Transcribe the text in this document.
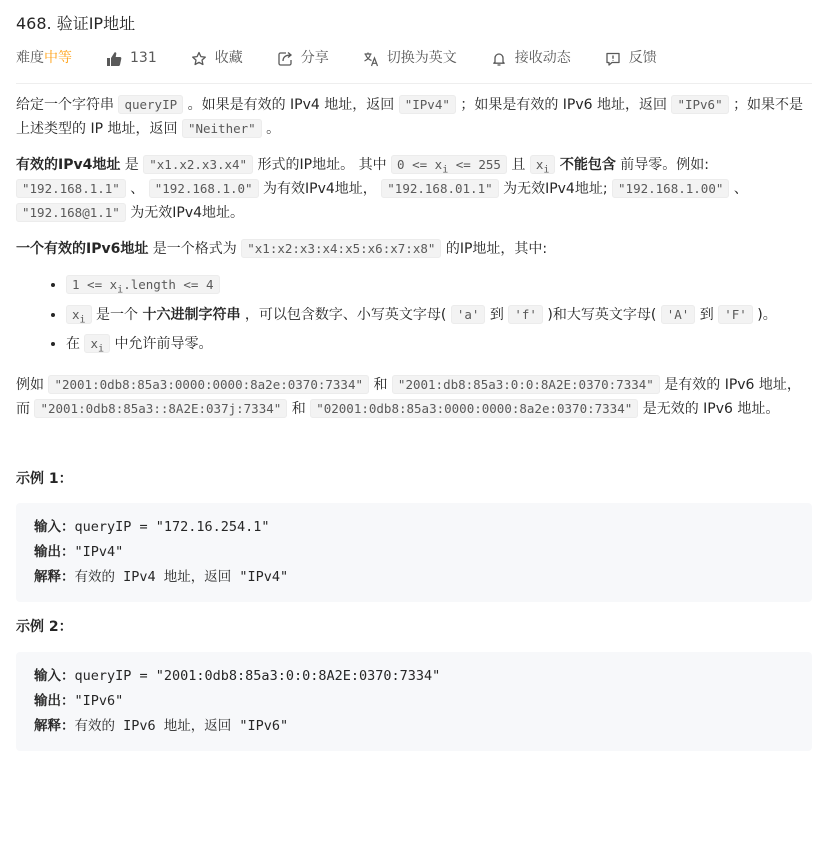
468. 验证IP地址
难度 中等	131	收藏	分享	切换为英文	接收动态	反馈

给定一个字符串 queryIP 。如果是有效的 IPv4 地址，返回 "IPv4" ；如果是有效的 IPv6 地址，返回 "IPv6" ；如果不是上述类型的 IP 地址，返回 "Neither" 。

有效的IPv4地址 是 "x1.x2.x3.x4" 形式的IP地址。 其中 $0 <= x_i <= 255$ 且 $x_i$ 不能包含 前导零。例如: "192.168.1.1" 、 "192.168.1.0" 为有效IPv4地址， "192.168.01.1" 为无效IPv4地址; "192.168.1.00" 、 "192.168@1.1" 为无效IPv4地址。

一个有效的IPv6地址 是一个格式为 "x1:x2:x3:x4:x5:x6:x7:x8" 的IP地址，其中:

• $1 <= x_i.length <= 4$
• $x_i$ 是一个 十六进制字符串 ，可以包含数字、小写英文字母( 'a' 到 'f' )和大写英文字母( 'A' 到 'F' )。
• 在 $x_i$ 中允许前导零。

例如 "2001:0db8:85a3:0000:0000:8a2e:0370:7334" 和 "2001:db8:85a3:0:0:8A2E:0370:7334" 是有效的 IPv6 地址，而 "2001:0db8:85a3::8A2E:037j:7334" 和 "02001:0db8:85a3:0000:0000:8a2e:0370:7334" 是无效的 IPv6 地址。

示例 1：

输入：queryIP = "172.16.254.1"
输出："IPv4"
解释：有效的 IPv4 地址，返回 "IPv4"

示例 2：

输入：queryIP = "2001:0db8:85a3:0:0:8A2E:0370:7334"
输出："IPv6"
解释：有效的 IPv6 地址，返回 "IPv6"
